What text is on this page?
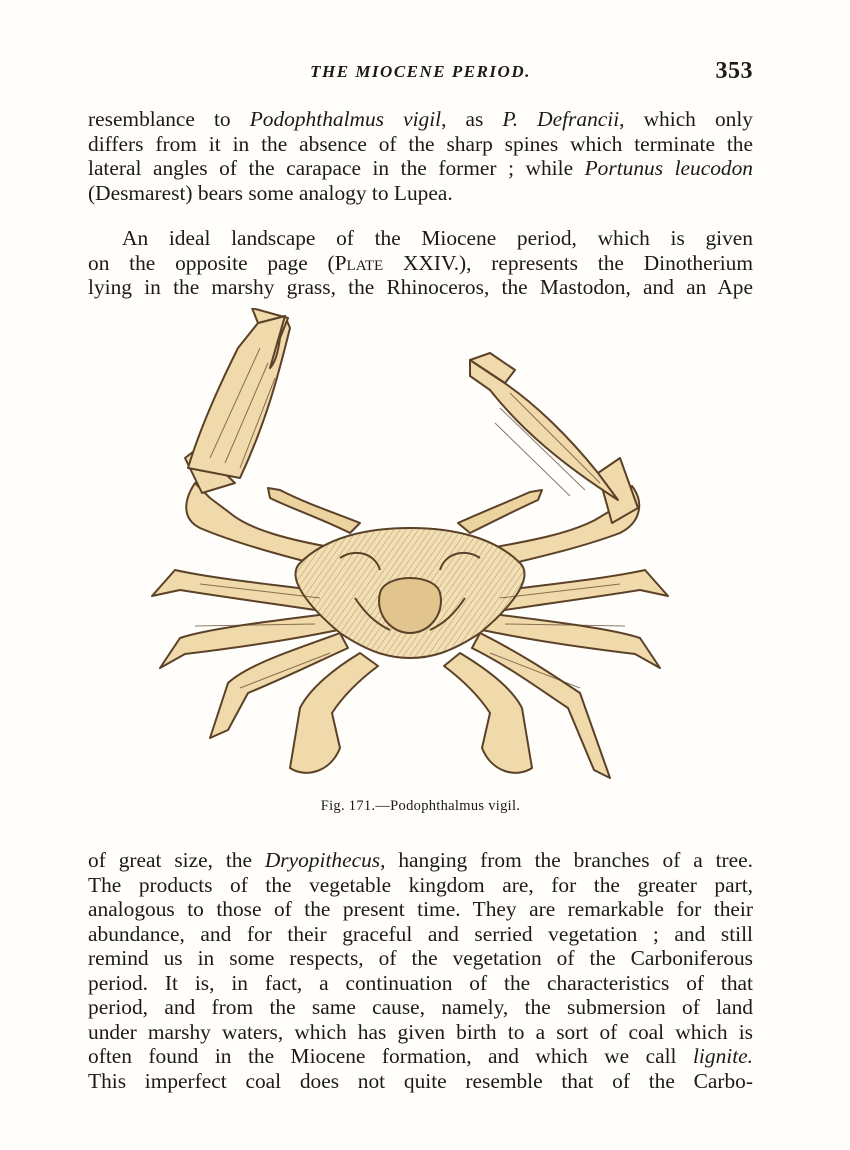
THE MIOCENE PERIOD.	353
resemblance to Podophthalmus vigil, as P. Defrancii, which only
differs from it in the absence of the sharp spines which terminate the
lateral angles of the carapace in the former ; while Portunus leucodon
(Desmarest) bears some analogy to Lupea.
An ideal landscape of the Miocene period, which is given
on the opposite page (Plate XXIV.), represents the Dinotherium
lying in the marshy grass, the Rhinoceros, the Mastodon, and an Ape
Fig. 171.—Podophthalmus vigil.
of great size, the Dryopithecus, hanging from the branches of a tree.
The products of the vegetable kingdom are, for the greater part,
analogous to those of the present time. They are remarkable for their
abundance, and for their graceful and serried vegetation ; and still
remind us in some respects, of the vegetation of the Carboniferous
period. It is, in fact, a continuation of the characteristics of that
period, and from the same cause, namely, the submersion of land
under marshy waters, which has given birth to a sort of coal which is
often found in the Miocene formation, and which we call lignite.
This imperfect coal does not quite resemble that of the Carbo-
